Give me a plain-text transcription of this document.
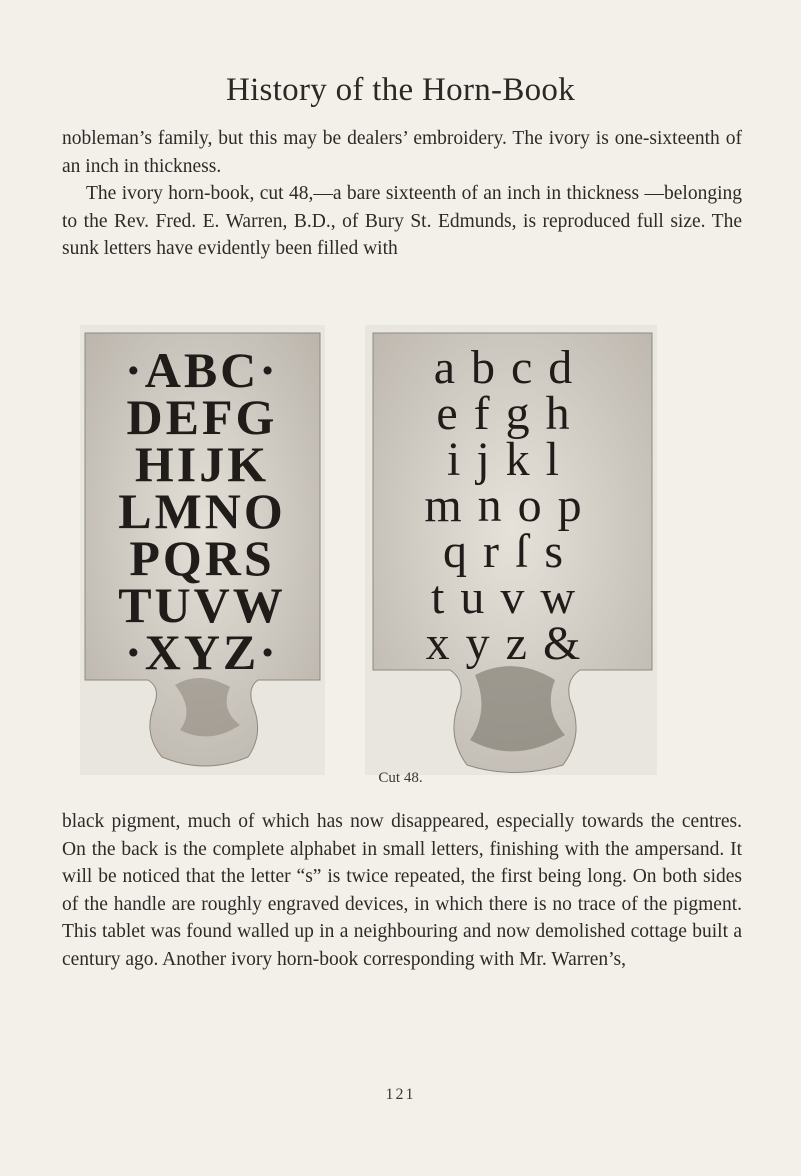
History of the Horn-Book

nobleman’s family, but this may be dealers’ embroidery. The ivory is one-sixteenth of an inch in thickness.

The ivory horn-book, cut 48,—a bare sixteenth of an inch in thickness —belonging to the Rev. Fred. E. Warren, B.D., of Bury St. Edmunds, is reproduced full size. The sunk letters have evidently been filled with

·ABC·
DEFG
HIJK
LMNO
PQRS
TUVW
·XYZ·
abcd
efgh
ijkl
mnop
qrſs
tuvw
xyz&
Cut 48.

black pigment, much of which has now disappeared, especially towards the centres. On the back is the complete alphabet in small letters, finishing with the ampersand. It will be noticed that the letter “s” is twice repeated, the first being long. On both sides of the handle are roughly engraved devices, in which there is no trace of the pigment. This tablet was found walled up in a neighbouring and now demolished cottage built a century ago. Another ivory horn-book corresponding with Mr. Warren’s,

121
